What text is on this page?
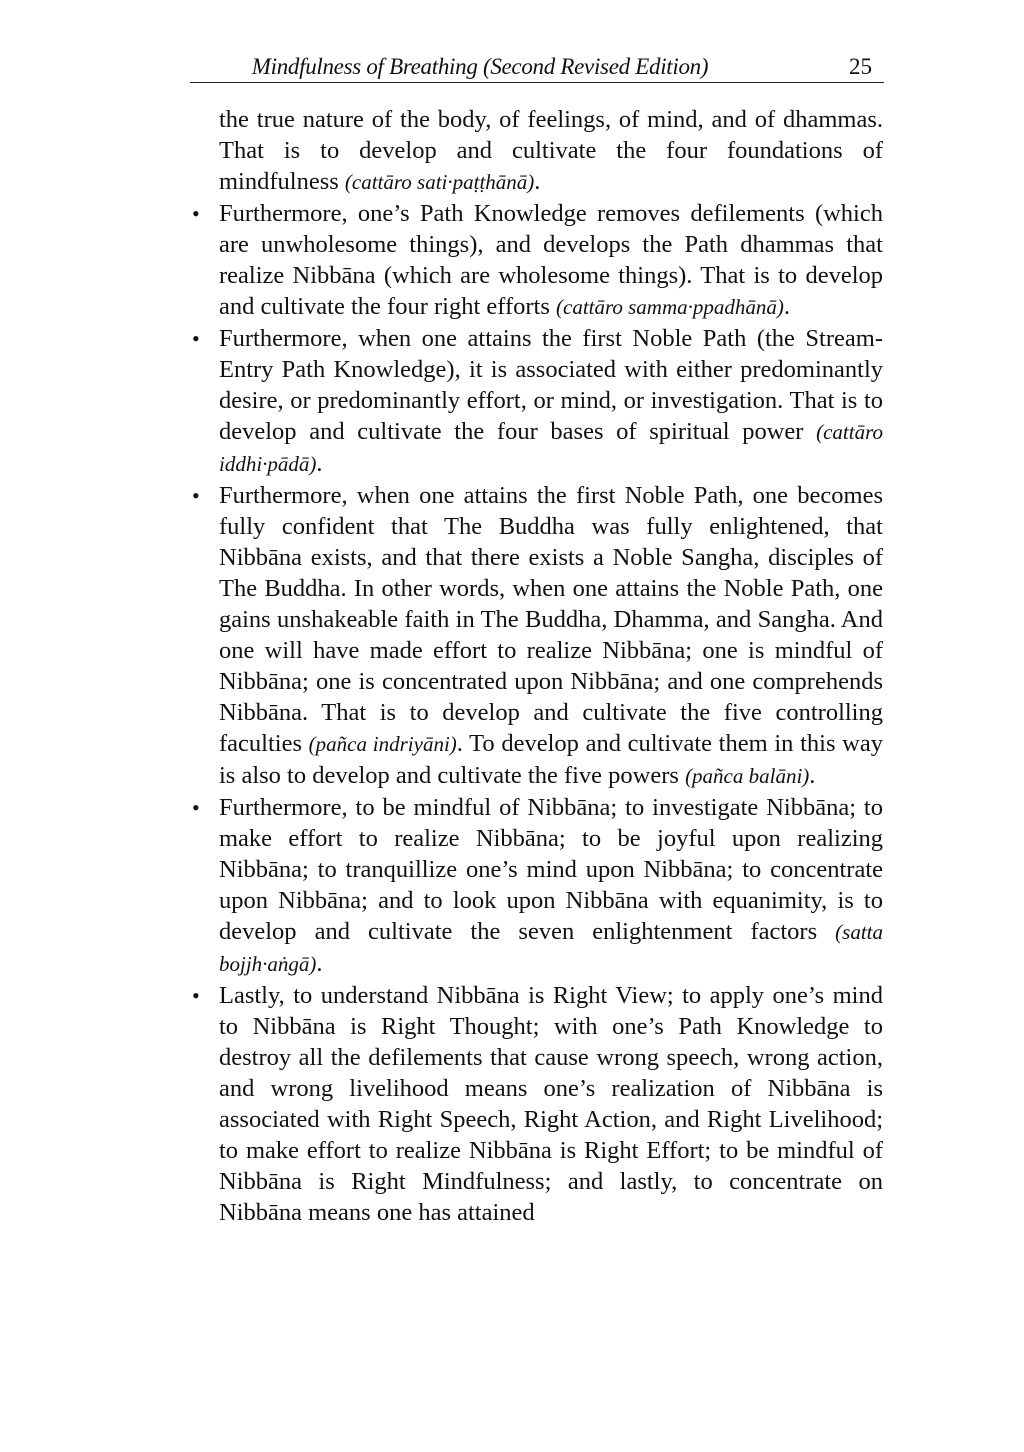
Mindfulness of Breathing (Second Revised Edition)	25

the true nature of the body, of feelings, of mind, and of dhammas. That is to develop and cultivate the four foundations of mindfulness (cattāro sati·paṭṭhānā).

• Furthermore, one’s Path Knowledge removes defilements (which are unwholesome things), and develops the Path dhammas that realize Nibbāna (which are wholesome things). That is to develop and cultivate the four right efforts (cattāro samma·ppadhānā).

• Furthermore, when one attains the first Noble Path (the Stream-Entry Path Knowledge), it is associated with either predominantly desire, or predominantly effort, or mind, or investigation. That is to develop and cultivate the four bases of spiritual power (cattāro iddhi·pādā).

• Furthermore, when one attains the first Noble Path, one becomes fully confident that The Buddha was fully enlightened, that Nibbāna exists, and that there exists a Noble Sangha, disciples of The Buddha. In other words, when one attains the Noble Path, one gains unshakeable faith in The Buddha, Dhamma, and Sangha. And one will have made effort to realize Nibbāna; one is mindful of Nibbāna; one is concentrated upon Nibbāna; and one comprehends Nibbāna. That is to develop and cultivate the five controlling faculties (pañca indriyāni). To develop and cultivate them in this way is also to develop and cultivate the five powers (pañca balāni).

• Furthermore, to be mindful of Nibbāna; to investigate Nibbāna; to make effort to realize Nibbāna; to be joyful upon realizing Nibbāna; to tranquillize one’s mind upon Nibbāna; to concentrate upon Nibbāna; and to look upon Nibbāna with equanimity, is to develop and cultivate the seven enlightenment factors (satta bojjh·aṅgā).

• Lastly, to understand Nibbāna is Right View; to apply one’s mind to Nibbāna is Right Thought; with one’s Path Knowledge to destroy all the defilements that cause wrong speech, wrong action, and wrong livelihood means one’s realization of Nibbāna is associated with Right Speech, Right Action, and Right Livelihood; to make effort to realize Nibbāna is Right Effort; to be mindful of Nibbāna is Right Mindfulness; and lastly, to concentrate on Nibbāna means one has attained
